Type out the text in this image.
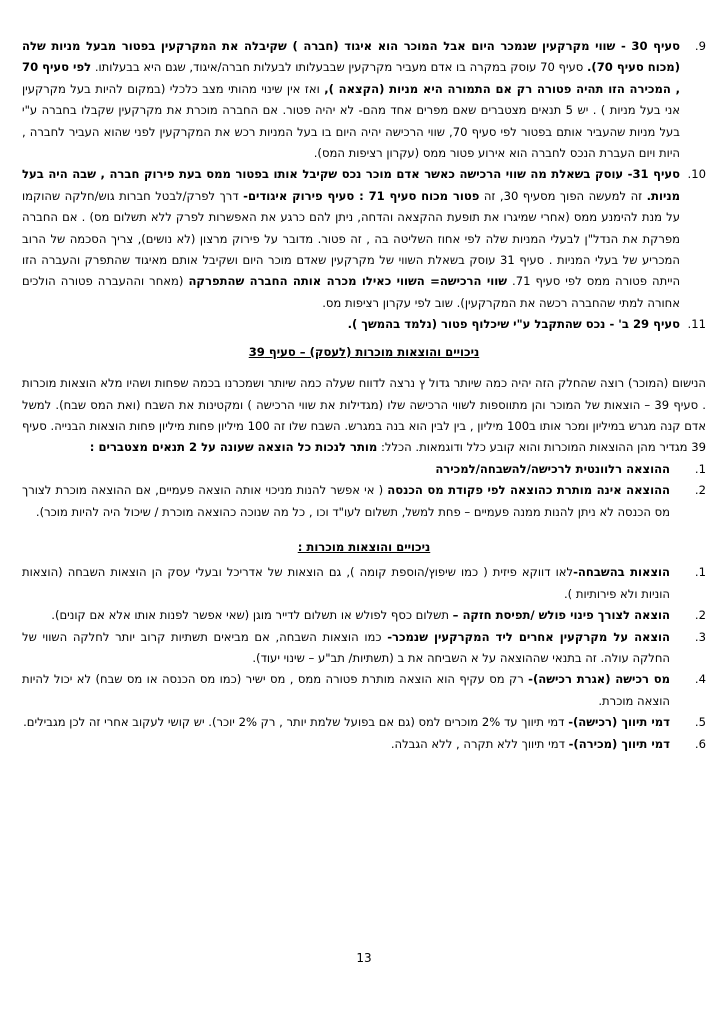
9.
סעיף 30 - שווי מקרקעין שנמכר היום אבל המוכר הוא איגוד (חברה ) שקיבלה את המקרקעין בפטור מבעל מניות שלה (מכוח סעיף 70). סעיף 70 עוסק במקרה בו אדם מעביר מקרקעין שבבעלותו לבעלות חברה/איגוד, שגם היא בבעלותו. לפי סעיף 70 , המכירה הזו תהיה פטורה רק אם התמורה היא מניות (הקצאה ), ואז אין שינוי מהותי מצב כלכלי (במקום להיות בעל מקרקעין אני בעל מניות ) . יש 5 תנאים מצטברים שאם מפרים אחד מהם- לא יהיה פטור. אם החברה מוכרת את מקרקעין שקבלו בחברה ע"י בעל מניות שהעביר אותם בפטור לפי סעיף 70, שווי הרכישה יהיה היום בו בעל המניות רכש את המקרקעין לפני שהוא העביר לחברה , היות ויום העברת הנכס לחברה הוא אירוע פטור ממס (עקרון רציפות המס).
10.
סעיף 31- עוסק בשאלת מה שווי הרכישה כאשר אדם מוכר נכס שקיבל אותו בפטור ממס בעת פירוק חברה , שבה היה בעל מניות. זה למעשה הפוך מסעיף 30, זה פטור מכוח סעיף 71 : סעיף פירוק איגודים- דרך לפרק/לבטל חברות גוש/חלקה שהוקמו על מנת להימנע ממס (אחרי שמיגרו את תופעת ההקצאה והדחה, ניתן להם כרגע את האפשרות לפרק ללא תשלום מס) . אם החברה מפרקת את הנדל"ן לבעלי המניות שלה לפי אחוז השליטה בה , זה פטור. מדובר על פירוק מרצון (לא נושים), צריך הסכמה של הרוב המכריע של בעלי המניות . סעיף 31 עוסק בשאלת השווי של מקרקעין שאדם מוכר היום ושקיבל אותם מאיגוד שהתפרק והעברה הזו הייתה פטורה ממס לפי סעיף 71. שווי הרכישה= השווי כאילו מכרה אותה החברה שהתפרקה (מאחר וההעברה פטורה הולכים אחורה למתי שהחברה רכשה את המקרקעין). שוב לפי עקרון רציפות מס.
11.
סעיף 29 ב' - נכס שהתקבל ע"י שיכלוף פטור (נלמד בהמשך ).
ניכויים והוצאות מוכרות (לעסק) – סעיף 39
הנישום (המוכר) רוצה שהחלק הזה יהיה כמה שיותר גדול ץ נרצה לדווח שעלה כמה שיותר ושמכרנו בכמה שפחות ושהיו מלא הוצאות מוכרות . סעיף 39 – הוצאות של המוכר והן מתווספות לשווי הרכישה שלו (מגדילות את שווי הרכישה ) ומקטינות את השבח (ואת המס שבח). למשל אדם קנה מגרש במיליון ומכר אותו ב100 מיליון , בין לבין הוא בנה במגרש. השבח שלו זה 100 מיליון פחות מיליון פחות הוצאות הבנייה. סעיף 39 מגדיר מהן ההוצאות המוכרות והוא קובע כלל ודוגמאות. הכלל: מותר לנכות כל הוצאה שעונה על 2 תנאים מצטברים :
1.
ההוצאה רלוונטית לרכישה/להשבחה/למכירה
2.
ההוצאה אינה מותרת כהוצאה לפי פקודת מס הכנסה ( אי אפשר להנות מניכוי אותה הוצאה פעמיים, אם ההוצאה מוכרת לצורך מס הכנסה לא ניתן להנות ממנה פעמיים – פחת למשל, תשלום לעו"ד וכו , כל מה שנוכה כהוצאה מוכרת / שיכול היה להיות מוכר).
ניכויים והוצאות מוכרות :
1.
הוצאות בהשבחה-לאו דווקא פיזית ( כמו שיפוץ/הוספת קומה ), גם הוצאות של אדריכל ובעלי עסק הן הוצאות השבחה (הוצאות הוניות ולא פירותיות ).
2.
הוצאה לצורך פינוי פולש /תפיסת חזקה – תשלום כסף לפולש או תשלום לדייר מוגן (שאי אפשר לפנות אותו אלא אם קונים).
3.
הוצאה על מקרקעין אחרים ליד המקרקעין שנמכר- כמו הוצאות השבחה, אם מביאים תשתיות קרוב יותר לחלקה השווי של החלקה עולה. זה בתנאי שההוצאה על א השביחה את ב (תשתיות/ תב"ע – שינוי יעוד).
4.
מס רכישה (אגרת רכישה)- רק מס עקיף הוא הוצאה מותרת פטורה ממס , מס ישיר (כמו מס הכנסה או מס שבח) לא יכול להיות הוצאה מוכרת.
5.
דמי תיווך (רכישה)- דמי תיווך עד 2% מוכרים למס (גם אם בפועל שלמת יותר , רק 2% יוכר). יש קושי לעקוב אחרי זה לכן מגבילים.
6.
דמי תיווך (מכירה)- דמי תיווך ללא תקרה , ללא הגבלה.
13
